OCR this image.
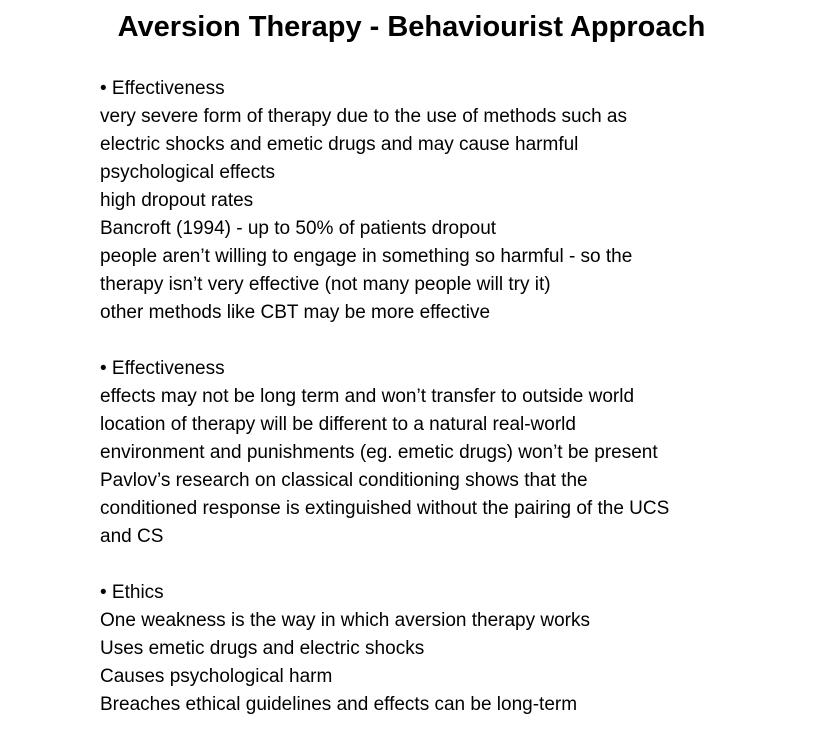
Aversion Therapy - Behaviourist Approach
• Effectiveness
very severe form of therapy due to the use of methods such as
electric shocks and emetic drugs and may cause harmful
psychological effects
high dropout rates
Bancroft (1994) - up to 50% of patients dropout
people aren’t willing to engage in something so harmful - so the
therapy isn’t very effective (not many people will try it)
other methods like CBT may be more effective
• Effectiveness
effects may not be long term and won’t transfer to outside world
location of therapy will be different to a natural real-world
environment and punishments (eg. emetic drugs) won’t be present
Pavlov’s research on classical conditioning shows that the
conditioned response is extinguished without the pairing of the UCS
and CS
• Ethics
One weakness is the way in which aversion therapy works
Uses emetic drugs and electric shocks
Causes psychological harm
Breaches ethical guidelines and effects can be long-term
